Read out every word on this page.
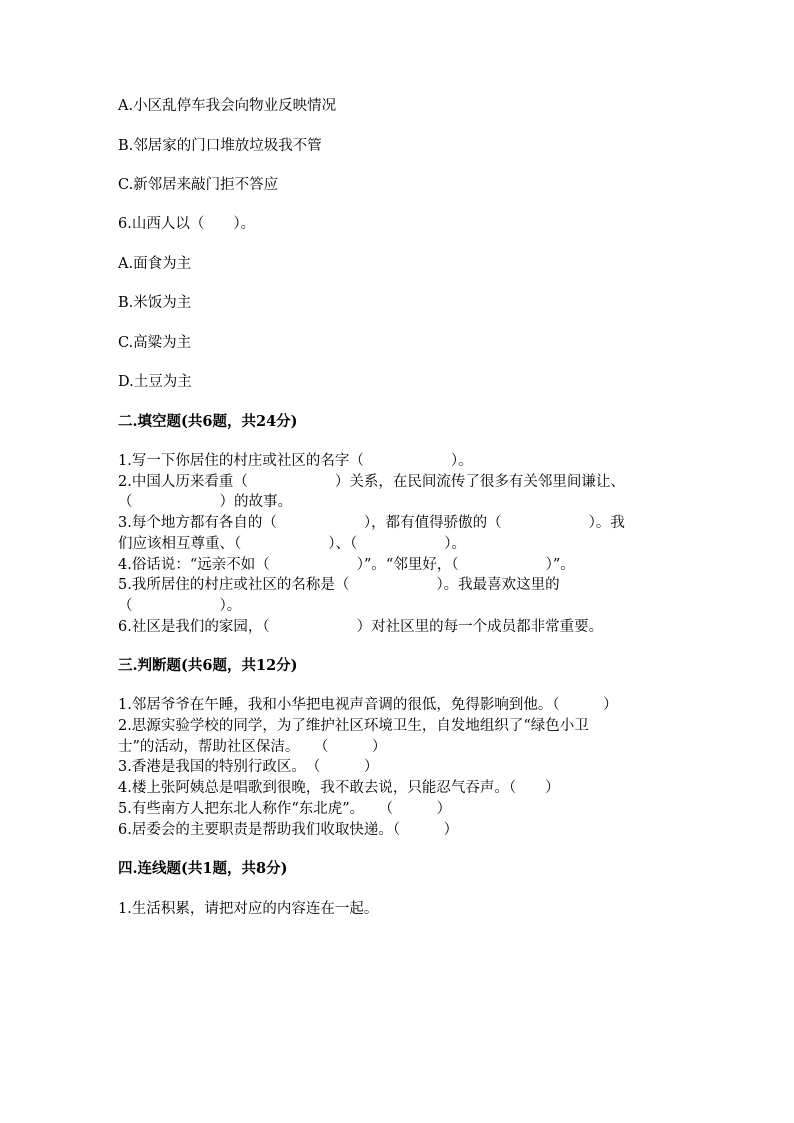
A.小区乱停车我会向物业反映情况

B.邻居家的门口堆放垃圾我不管

C.新邻居来敲门拒不答应

6.山西人以（　　）。

A.面食为主

B.米饭为主

C.高粱为主

D.土豆为主

二.填空题(共6题，共24分)

1.写一下你居住的村庄或社区的名字（　　　　　　）。

2.中国人历来看重（　　　　　　）关系，在民间流传了很多有关邻里间谦让、

（　　　　　　）的故事。

3.每个地方都有各自的（　　　　　　），都有值得骄傲的（　　　　　　）。我

们应该相互尊重、（　　　　　　）、（　　　　　　）。

4.俗话说：“远亲不如（　　　　　　）”。“邻里好，（　　　　　　）”。

5.我所居住的村庄或社区的名称是（　　　　　　）。我最喜欢这里的

（　　　　　　）。

6.社区是我们的家园，（　　　　　　）对社区里的每一个成员都非常重要。

三.判断题(共6题，共12分)

1.邻居爷爷在午睡，我和小华把电视声音调的很低，免得影响到他。（　　　）

2.思源实验学校的同学，为了维护社区环境卫生，自发地组织了“绿色小卫

士”的活动，帮助社区保洁。　　（　　　）

3.香港是我国的特别行政区。　（　　　）

4.楼上张阿姨总是唱歌到很晚，我不敢去说，只能忍气吞声。（　　）

5.有些南方人把东北人称作“东北虎”。　　（　　　）

6.居委会的主要职责是帮助我们收取快递。（　　　）

四.连线题(共1题，共8分)

1.生活积累，请把对应的内容连在一起。
